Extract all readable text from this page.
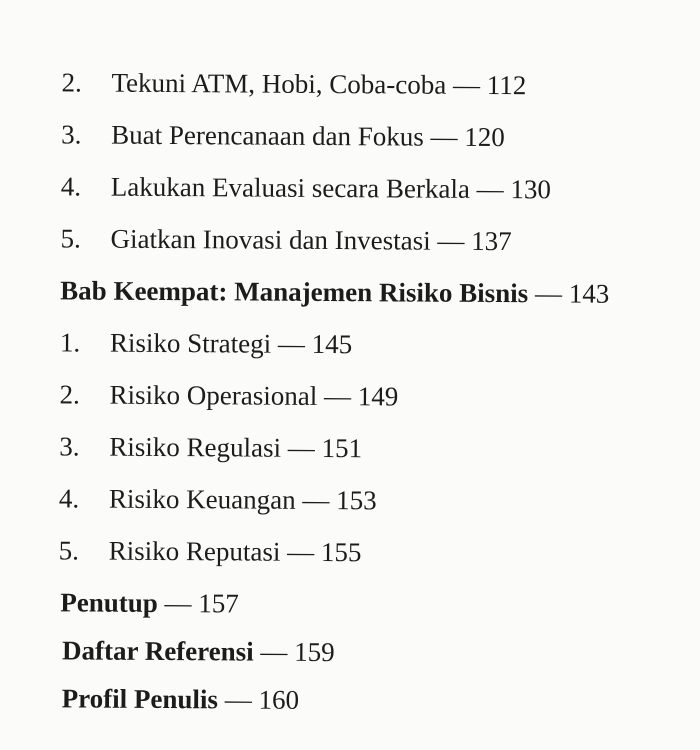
2. Tekuni ATM, Hobi, Coba-coba — 112
3. Buat Perencanaan dan Fokus — 120
4. Lakukan Evaluasi secara Berkala — 130
5. Giatkan Inovasi dan Investasi — 137
Bab Keempat: Manajemen Risiko Bisnis — 143
1. Risiko Strategi — 145
2. Risiko Operasional — 149
3. Risiko Regulasi — 151
4. Risiko Keuangan — 153
5. Risiko Reputasi — 155
Penutup — 157
Daftar Referensi — 159
Profil Penulis — 160
